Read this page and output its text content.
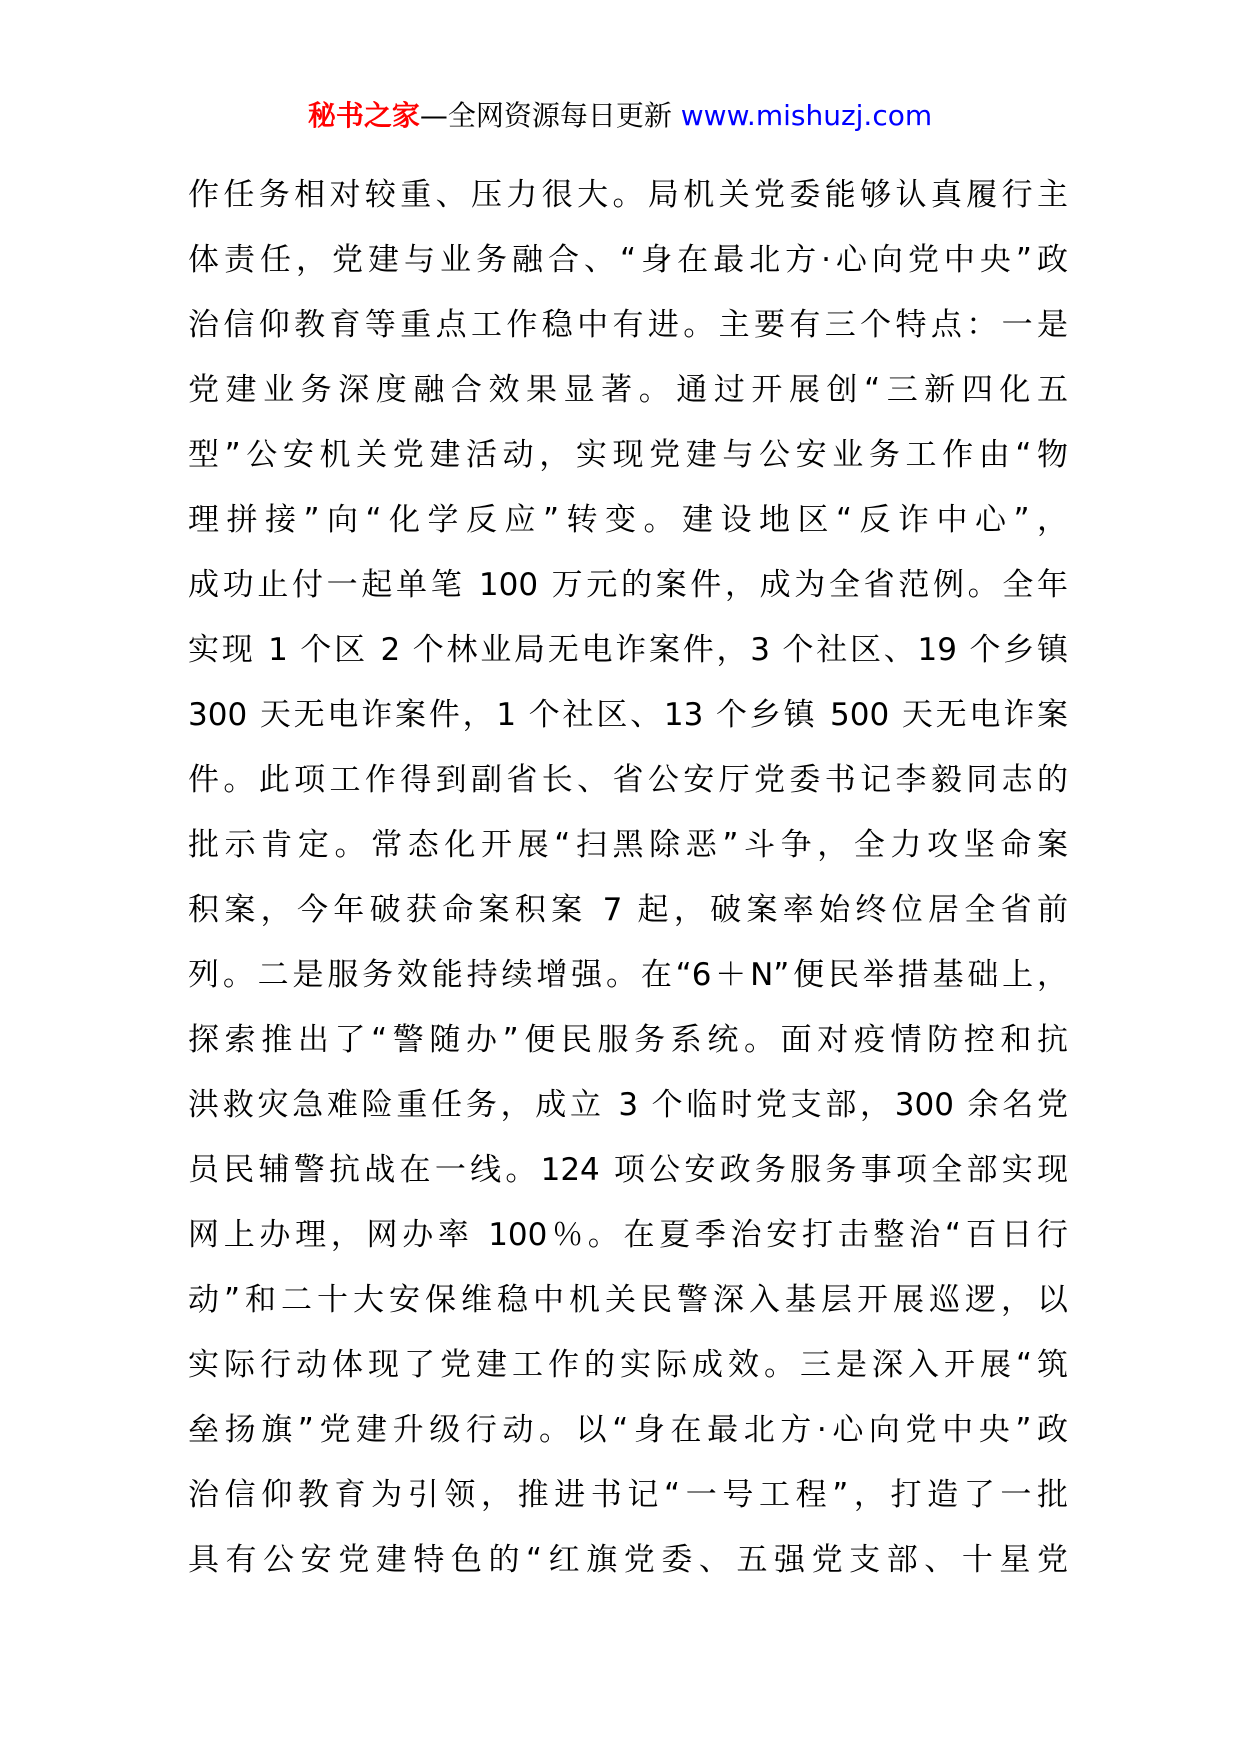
秘书之家—全网资源每日更新 www.mishuzj.com
作任务相对较重、压力很大。局机关党委能够认真履行主
体责任，党建与业务融合、“身在最北方·心向党中央”政
治信仰教育等重点工作稳中有进。主要有三个特点：一是
党建业务深度融合效果显著。通过开展创“三新四化五
型”公安机关党建活动，实现党建与公安业务工作由“物
理拼接”向“化学反应”转变。建设地区“反诈中心”，
成功止付一起单笔 100 万元的案件，成为全省范例。全年
实现 1 个区 2 个林业局无电诈案件，3 个社区、19 个乡镇
300 天无电诈案件，1 个社区、13 个乡镇 500 天无电诈案
件。此项工作得到副省长、省公安厅党委书记李毅同志的
批示肯定。常态化开展“扫黑除恶”斗争，全力攻坚命案
积案，今年破获命案积案 7 起，破案率始终位居全省前
列。二是服务效能持续增强。在“6＋N”便民举措基础上，
探索推出了“警随办”便民服务系统。面对疫情防控和抗
洪救灾急难险重任务，成立 3 个临时党支部，300 余名党
员民辅警抗战在一线。124 项公安政务服务事项全部实现
网上办理，网办率 100％。在夏季治安打击整治“百日行
动”和二十大安保维稳中机关民警深入基层开展巡逻，以
实际行动体现了党建工作的实际成效。三是深入开展“筑
垒扬旗”党建升级行动。以“身在最北方·心向党中央”政
治信仰教育为引领，推进书记“一号工程”，打造了一批
具有公安党建特色的“红旗党委、五强党支部、十星党
